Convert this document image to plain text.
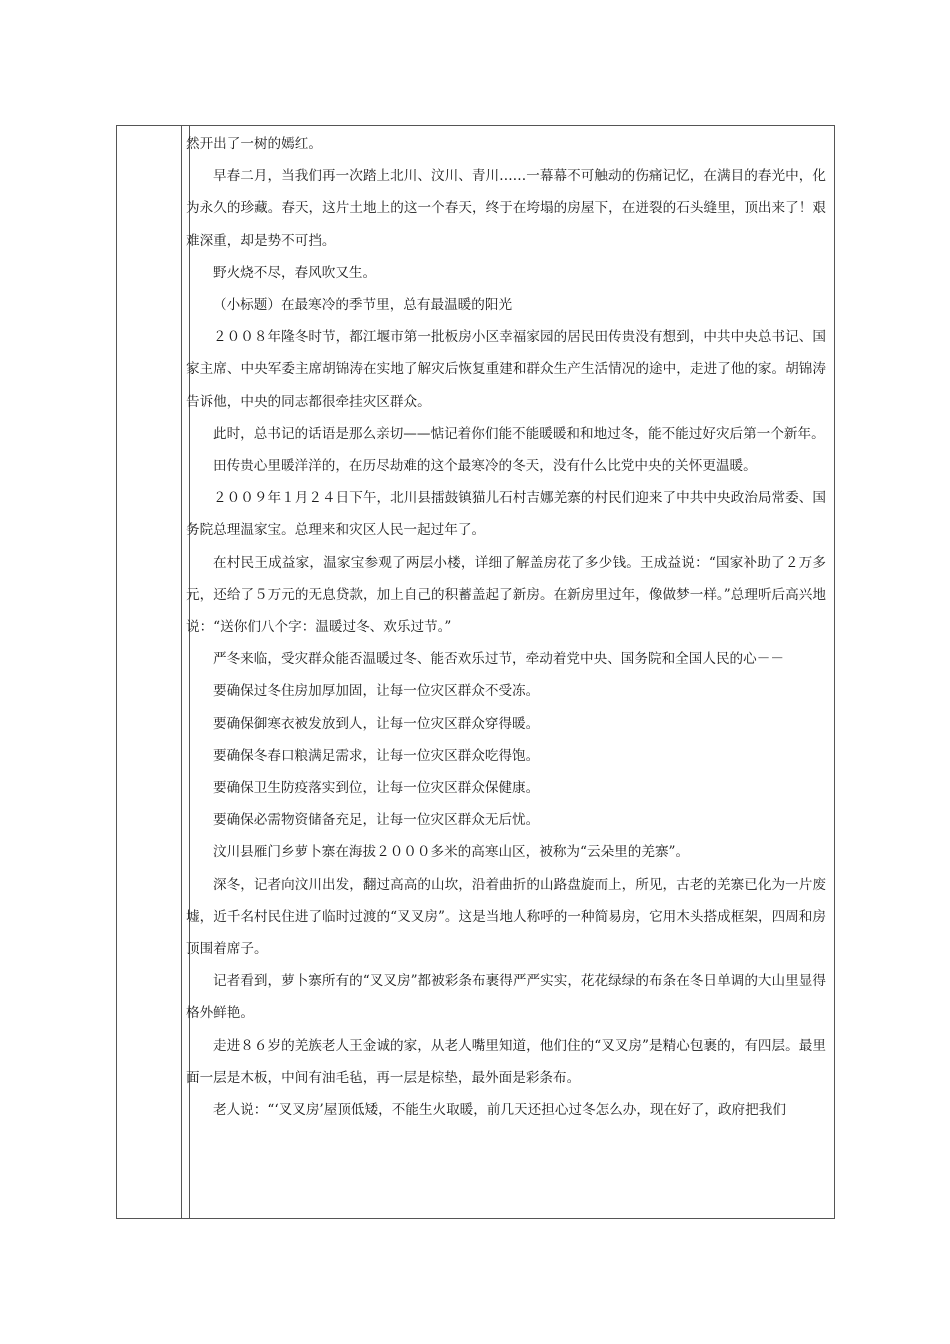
然开出了一树的嫣红。

早春二月，当我们再一次踏上北川、汶川、青川……一幕幕不可触动的伤痛记忆，在满目的春光中，化为永久的珍藏。春天，这片土地上的这一个春天，终于在垮塌的房屋下，在迸裂的石头缝里，顶出来了！艰难深重，却是势不可挡。

野火烧不尽，春风吹又生。

（小标题）在最寒冷的季节里，总有最温暖的阳光

２００８年隆冬时节，都江堰市第一批板房小区幸福家园的居民田传贵没有想到，中共中央总书记、国家主席、中央军委主席胡锦涛在实地了解灾后恢复重建和群众生产生活情况的途中，走进了他的家。胡锦涛告诉他，中央的同志都很牵挂灾区群众。

此时，总书记的话语是那么亲切——惦记着你们能不能暖暖和和地过冬，能不能过好灾后第一个新年。

田传贵心里暖洋洋的，在历尽劫难的这个最寒冷的冬天，没有什么比党中央的关怀更温暖。

２００９年１月２４日下午，北川县擂鼓镇猫儿石村吉娜羌寨的村民们迎来了中共中央政治局常委、国务院总理温家宝。总理来和灾区人民一起过年了。

在村民王成益家，温家宝参观了两层小楼，详细了解盖房花了多少钱。王成益说：“国家补助了２万多元，还给了５万元的无息贷款，加上自己的积蓄盖起了新房。在新房里过年，像做梦一样。”总理听后高兴地说：“送你们八个字：温暖过冬、欢乐过节。”

严冬来临，受灾群众能否温暖过冬、能否欢乐过节，牵动着党中央、国务院和全国人民的心－－

要确保过冬住房加厚加固，让每一位灾区群众不受冻。

要确保御寒衣被发放到人，让每一位灾区群众穿得暖。

要确保冬春口粮满足需求，让每一位灾区群众吃得饱。

要确保卫生防疫落实到位，让每一位灾区群众保健康。

要确保必需物资储备充足，让每一位灾区群众无后忧。

汶川县雁门乡萝卜寨在海拔２０００多米的高寒山区，被称为“云朵里的羌寨”。

深冬，记者向汶川出发，翻过高高的山坎，沿着曲折的山路盘旋而上，所见，古老的羌寨已化为一片废墟，近千名村民住进了临时过渡的“叉叉房”。这是当地人称呼的一种简易房，它用木头搭成框架，四周和房顶围着席子。

记者看到，萝卜寨所有的“叉叉房”都被彩条布裹得严严实实，花花绿绿的布条在冬日单调的大山里显得格外鲜艳。

走进８６岁的羌族老人王金诚的家，从老人嘴里知道，他们住的“叉叉房”是精心包裹的，有四层。最里面一层是木板，中间有油毛毡，再一层是棕垫，最外面是彩条布。

老人说：“‘叉叉房’屋顶低矮，不能生火取暖，前几天还担心过冬怎么办，现在好了，政府把我们
